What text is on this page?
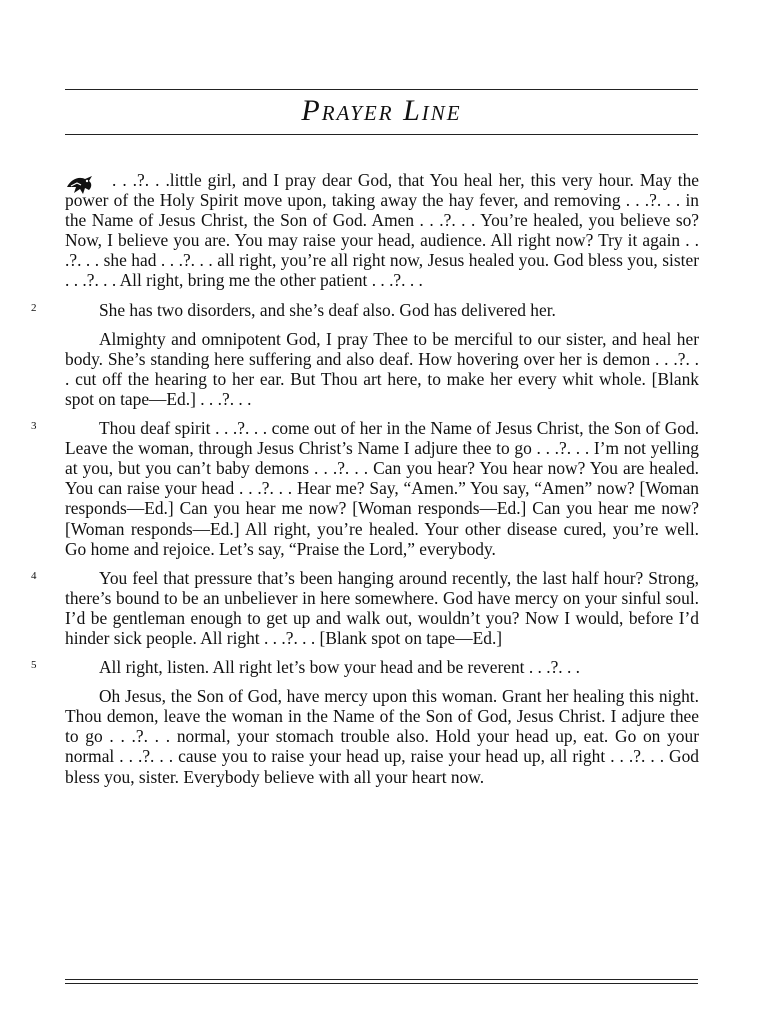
Prayer Line

. . .?. . .little girl, and I pray dear God, that You heal her, this very hour. May the power of the Holy Spirit move upon, taking away the hay fever, and removing . . .?. . . in the Name of Jesus Christ, the Son of God. Amen . . .?. . . You’re healed, you believe so? Now, I believe you are. You may raise your head, audience. All right now? Try it again . . .?. . . she had . . .?. . . all right, you’re all right now, Jesus healed you. God bless you, sister . . .?. . . All right, bring me the other patient . . .?. . .

2	She has two disorders, and she’s deaf also. God has delivered her.

Almighty and omnipotent God, I pray Thee to be merciful to our sister, and heal her body. She’s standing here suffering and also deaf. How hovering over her is demon . . .?. . . cut off the hearing to her ear. But Thou art here, to make her every whit whole. [Blank spot on tape—Ed.] . . .?. . .

3	Thou deaf spirit . . .?. . . come out of her in the Name of Jesus Christ, the Son of God. Leave the woman, through Jesus Christ’s Name I adjure thee to go . . .?. . . I’m not yelling at you, but you can’t baby demons . . .?. . . Can you hear? You hear now? You are healed. You can raise your head . . .?. . . Hear me? Say, “Amen.” You say, “Amen” now? [Woman responds—Ed.] Can you hear me now? [Woman responds—Ed.] Can you hear me now? [Woman responds—Ed.] All right, you’re healed. Your other disease cured, you’re well. Go home and rejoice. Let’s say, “Praise the Lord,” everybody.

4	You feel that pressure that’s been hanging around recently, the last half hour? Strong, there’s bound to be an unbeliever in here somewhere. God have mercy on your sinful soul. I’d be gentleman enough to get up and walk out, wouldn’t you? Now I would, before I’d hinder sick people. All right . . .?. . . [Blank spot on tape—Ed.]

5	All right, listen. All right let’s bow your head and be reverent . . .?. . .

Oh Jesus, the Son of God, have mercy upon this woman. Grant her healing this night. Thou demon, leave the woman in the Name of the Son of God, Jesus Christ. I adjure thee to go . . .?. . . normal, your stomach trouble also. Hold your head up, eat. Go on your normal . . .?. . . cause you to raise your head up, raise your head up, all right . . .?. . . God bless you, sister. Everybody believe with all your heart now.
